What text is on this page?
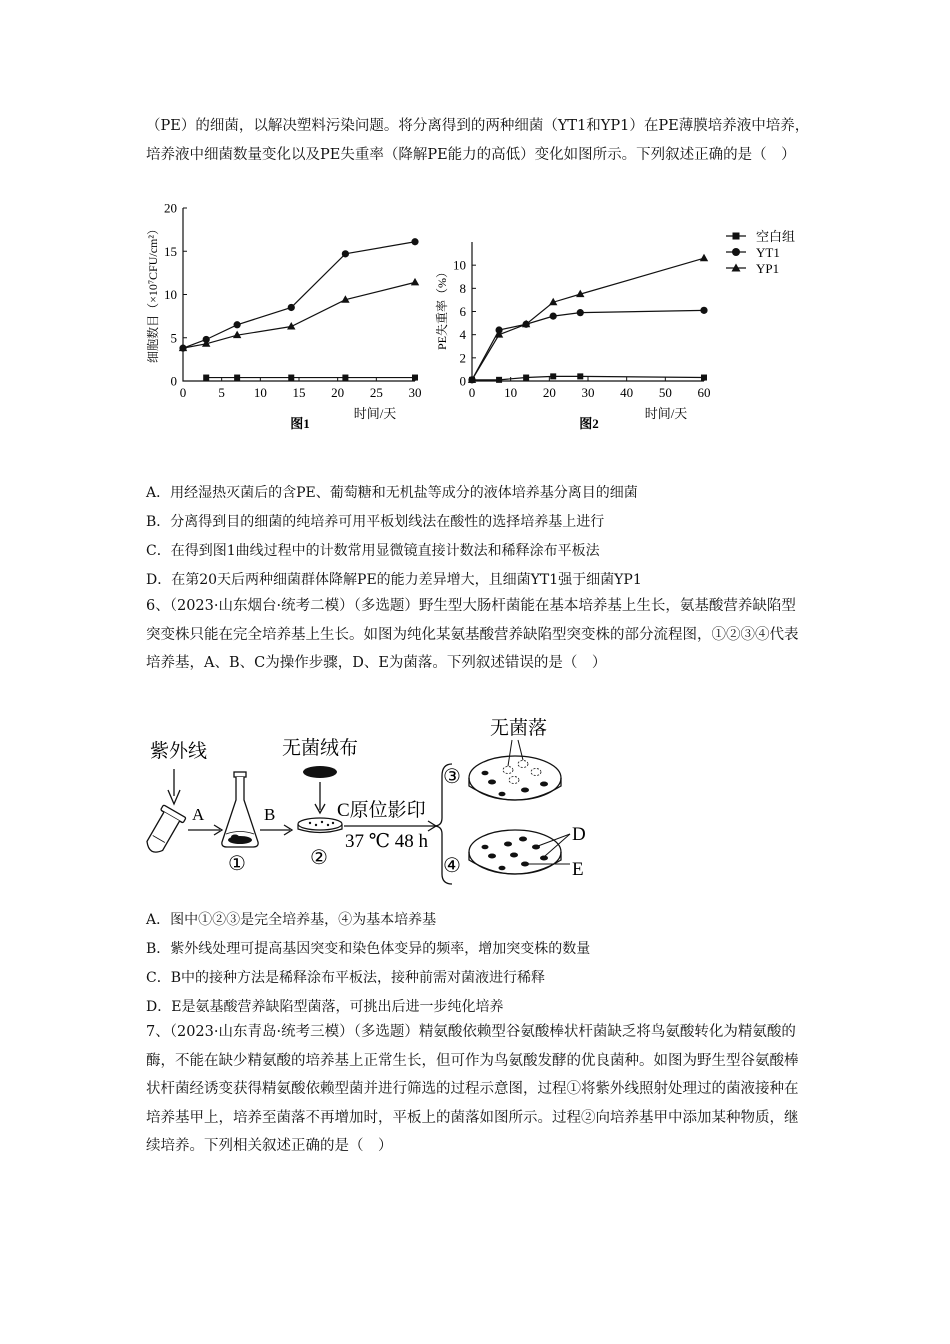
（PE）的细菌，以解决塑料污染问题。将分离得到的两种细菌（YT1和YP1）在PE薄膜培养液中培养，培养液中细菌数量变化以及PE失重率（降解PE能力的高低）变化如图所示。下列叙述正确的是（　）
0 5 10 15 20 25 30
0
5
10
15
20
时间/天
图1
细胞数目（×10⁷CFU/cm²）
0 10 20 30 40 50 60
0
2
4
6
8
10
时间/天
图2
PE失重率（%）
空白组
YT1
YP1
A．用经湿热灭菌后的含PE、葡萄糖和无机盐等成分的液体培养基分离目的细菌
B．分离得到目的细菌的纯培养可用平板划线法在酸性的选择培养基上进行
C．在得到图1曲线过程中的计数常用显微镜直接计数法和稀释涂布平板法
D．在第20天后两种细菌群体降解PE的能力差异增大，且细菌YT1强于细菌YP1
6、（2023·山东烟台·统考二模）（多选题）野生型大肠杆菌能在基本培养基上生长，氨基酸营养缺陷型突变株只能在完全培养基上生长。如图为纯化某氨基酸营养缺陷型突变株的部分流程图，①②③④代表培养基，A、B、C为操作步骤，D、E为菌落。下列叙述错误的是（　）
紫外线
A
①
B
无菌绒布
②
C原位影印
37 ℃ 48 h
③
无菌落
④
D
E
A．图中①②③是完全培养基，④为基本培养基
B．紫外线处理可提高基因突变和染色体变异的频率，增加突变株的数量
C．B中的接种方法是稀释涂布平板法，接种前需对菌液进行稀释
D．E是氨基酸营养缺陷型菌落，可挑出后进一步纯化培养
7、（2023·山东青岛·统考三模）（多选题）精氨酸依赖型谷氨酸棒状杆菌缺乏将鸟氨酸转化为精氨酸的酶，不能在缺少精氨酸的培养基上正常生长，但可作为鸟氨酸发酵的优良菌种。如图为野生型谷氨酸棒状杆菌经诱变获得精氨酸依赖型菌并进行筛选的过程示意图，过程①将紫外线照射处理过的菌液接种在培养基甲上，培养至菌落不再增加时，平板上的菌落如图所示。过程②向培养基甲中添加某种物质，继续培养。下列相关叙述正确的是（　）
